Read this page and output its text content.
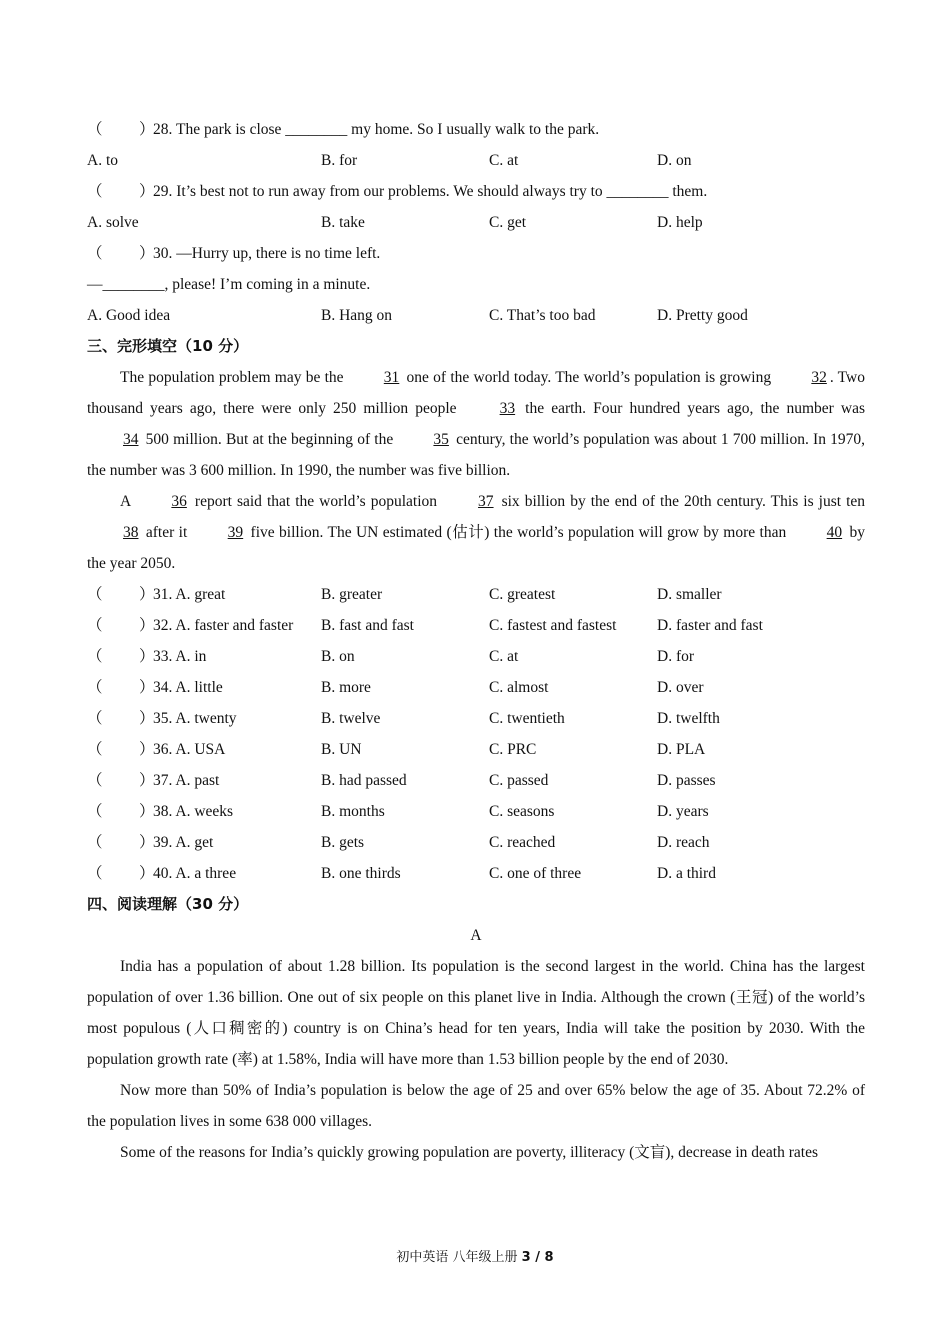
（ ）28. The park is close ________ my home. So I usually walk to the park.
A. to	B. for	C. at	D. on
（ ）29. It’s best not to run away from our problems. We should always try to ________ them.
A. solve	B. take	C. get	D. help
（ ）30. —Hurry up, there is no time left.
—________, please! I’m coming in a minute.
A. Good idea	B. Hang on	C. That’s too bad	D. Pretty good
三、完形填空（10 分）
The population problem may be the 31 one of the world today. The world’s population is growing 32 . Two thousand years ago, there were only 250 million people 33 the earth. Four hundred years ago, the number was 34 500 million. But at the beginning of the 35 century, the world’s population was about 1 700 million. In 1970, the number was 3 600 million. In 1990, the number was five billion.
A 36 report said that the world’s population 37 six billion by the end of the 20th century. This is just ten 38 after it 39 five billion. The UN estimated (估计) the world’s population will grow by more than 40 by the year 2050.
（ ）31. A. great	B. greater	C. greatest	D. smaller
（ ）32. A. faster and faster B. fast and fast	C. fastest and fastest	D. faster and fast
（ ）33. A. in	B. on	C. at	D. for
（ ）34. A. little	B. more	C. almost	D. over
（ ）35. A. twenty	B. twelve	C. twentieth	D. twelfth
（ ）36. A. USA	B. UN	C. PRC	D. PLA
（ ）37. A. past	B. had passed	C. passed	D. passes
（ ）38. A. weeks	B. months	C. seasons	D. years
（ ）39. A. get	B. gets	C. reached	D. reach
（ ）40. A. a three	B. one thirds	C. one of three	D. a third
四、阅读理解（30 分）
A
India has a population of about 1.28 billion. Its population is the second largest in the world. China has the largest population of over 1.36 billion. One out of six people on this planet live in India. Although the crown (王冠) of the world’s most populous (人口稠密的) country is on China’s head for ten years, India will take the position by 2030. With the population growth rate (率) at 1.58%, India will have more than 1.53 billion people by the end of 2030.
Now more than 50% of India’s population is below the age of 25 and over 65% below the age of 35. About 72.2% of the population lives in some 638 000 villages.
Some of the reasons for India’s quickly growing population are poverty, illiteracy (文盲), decrease in death rates
初中英语 八年级上册 3 / 8
